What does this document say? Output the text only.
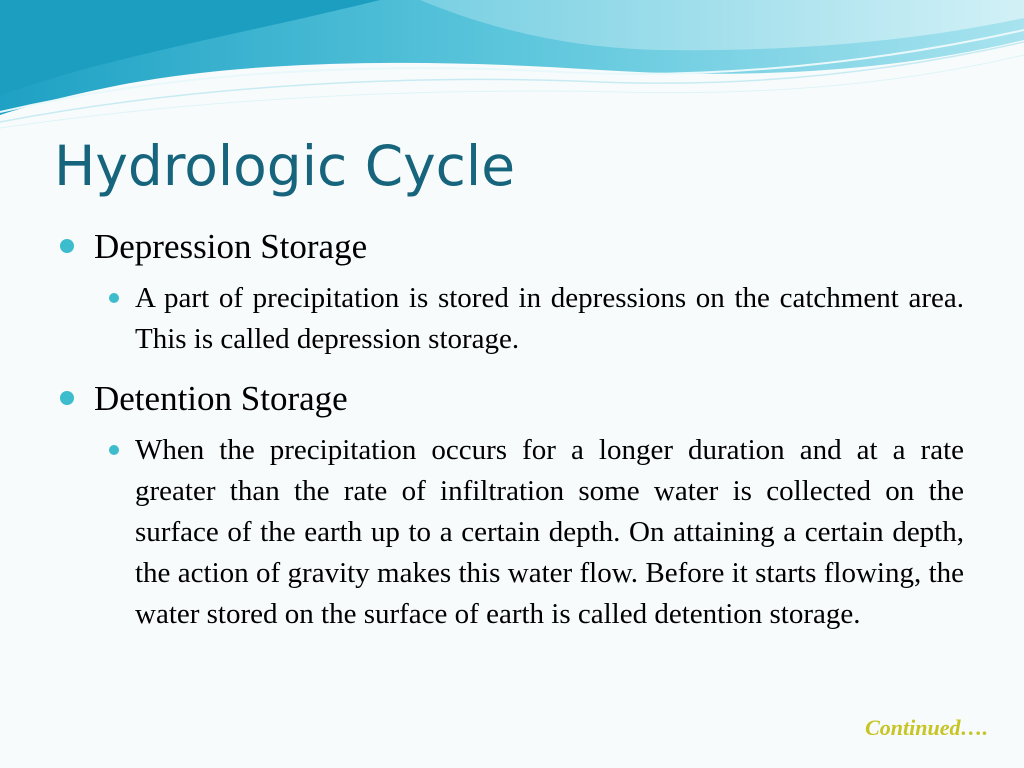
Hydrologic Cycle
Depression Storage
A part of precipitation is stored in depressions on the catchment area. This is called depression storage.
Detention Storage
When the precipitation occurs for a longer duration and at a rate greater than the rate of infiltration some water is collected on the surface of the earth up to a certain depth. On attaining a certain depth, the action of gravity makes this water flow. Before it starts flowing, the water stored on the surface of earth is called detention storage.
Continued….
